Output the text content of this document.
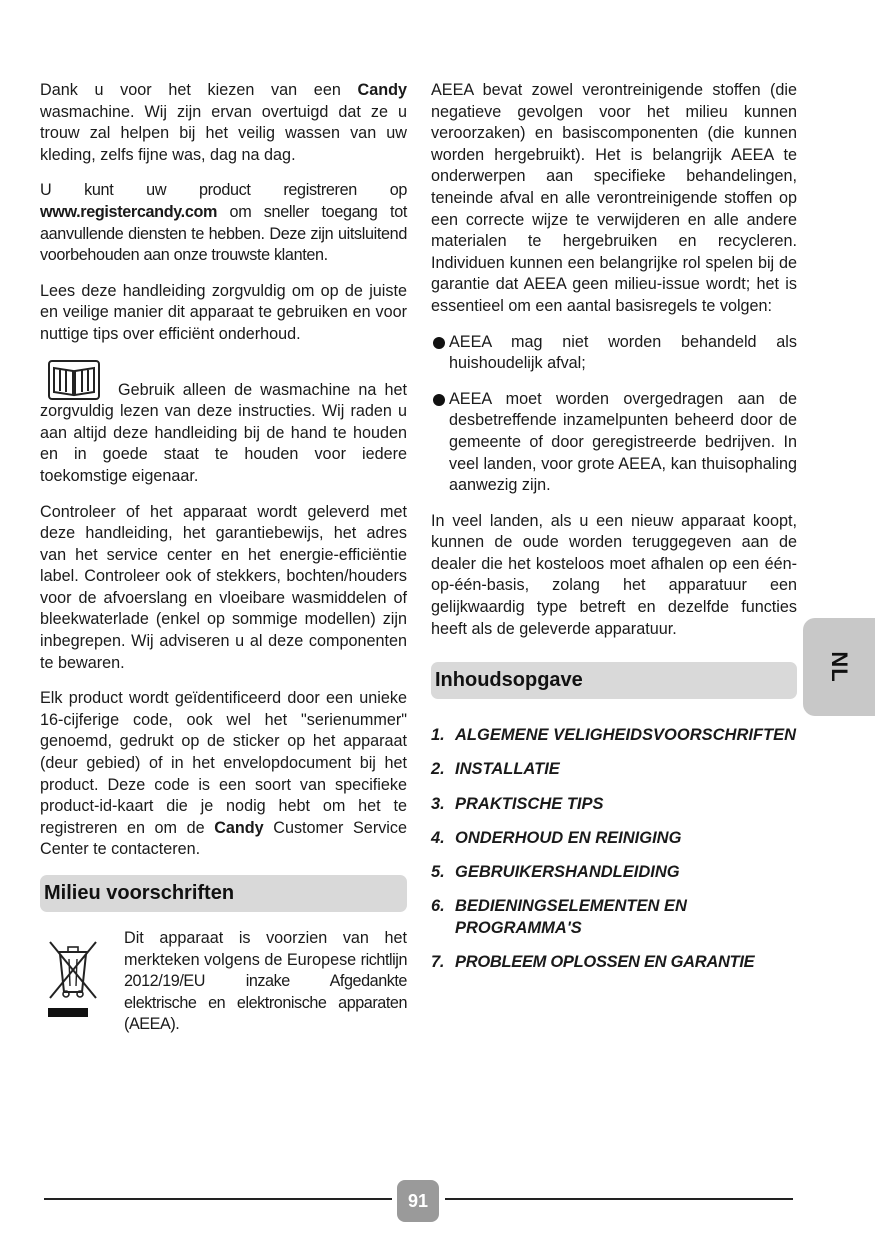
Dank u voor het kiezen van een Candy wasmachine. Wij zijn ervan overtuigd dat ze u trouw zal helpen bij het veilig wassen van uw kleding, zelfs fijne was, dag na dag.

U kunt uw product registreren op www.registercandy.com om sneller toegang tot aanvullende diensten te hebben. Deze zijn uitsluitend voorbehouden aan onze trouwste klanten.

Lees deze handleiding zorgvuldig om op de juiste en veilige manier dit apparaat te gebruiken en voor nuttige tips over efficiënt onderhoud.

Gebruik alleen de wasmachine na het zorgvuldig lezen van deze instructies. Wij raden u aan altijd deze handleiding bij de hand te houden en in goede staat te houden voor iedere toekomstige eigenaar.

Controleer of het apparaat wordt geleverd met deze handleiding, het garantiebewijs, het adres van het service center en het energie-efficiëntie label. Controleer ook of stekkers, bochten/houders voor de afvoerslang en vloeibare wasmiddelen of bleekwaterlade (enkel op sommige modellen) zijn inbegrepen. Wij adviseren u al deze componenten te bewaren.

Elk product wordt geïdentificeerd door een unieke 16-cijferige code, ook wel het "serienummer" genoemd, gedrukt op de sticker op het apparaat (deur gebied) of in het envelopdocument bij het product. Deze code is een soort van specifieke product-id-kaart die je nodig hebt om het te registreren en om de Candy Customer Service Center te contacteren.

Milieu voorschriften

Dit apparaat is voorzien van het merkteken volgens de Europese richtlijn 2012/19/EU inzake Afgedankte elektrische en elektronische apparaten (AEEA).

AEEA bevat zowel verontreinigende stoffen (die negatieve gevolgen voor het milieu kunnen veroorzaken) en basiscomponenten (die kunnen worden hergebruikt). Het is belangrijk AEEA te onderwerpen aan specifieke behandelingen, teneinde afval en alle verontreinigende stoffen op een correcte wijze te verwijderen en alle andere materialen te hergebruiken en recycleren. Individuen kunnen een belangrijke rol spelen bij de garantie dat AEEA geen milieu-issue wordt; het is essentieel om een aantal basisregels te volgen:

AEEA mag niet worden behandeld als huishoudelijk afval;
AEEA moet worden overgedragen aan de desbetreffende inzamelpunten beheerd door de gemeente of door geregistreerde bedrijven. In veel landen, voor grote AEEA, kan thuisophaling aanwezig zijn.

In veel landen, als u een nieuw apparaat koopt, kunnen de oude worden teruggegeven aan de dealer die het kosteloos moet afhalen op een één-op-één-basis, zolang het apparatuur een gelijkwaardig type betreft en dezelfde functies heeft als de geleverde apparatuur.

Inhoudsopgave
1. ALGEMENE VELIGHEIDSVOORSCHRIFTEN
2. INSTALLATIE
3. PRAKTISCHE TIPS
4. ONDERHOUD EN REINIGING
5. GEBRUIKERSHANDLEIDING
6. BEDIENINGSELEMENTEN EN PROGRAMMA'S
7. PROBLEEM OPLOSSEN EN GARANTIE
NL
91
